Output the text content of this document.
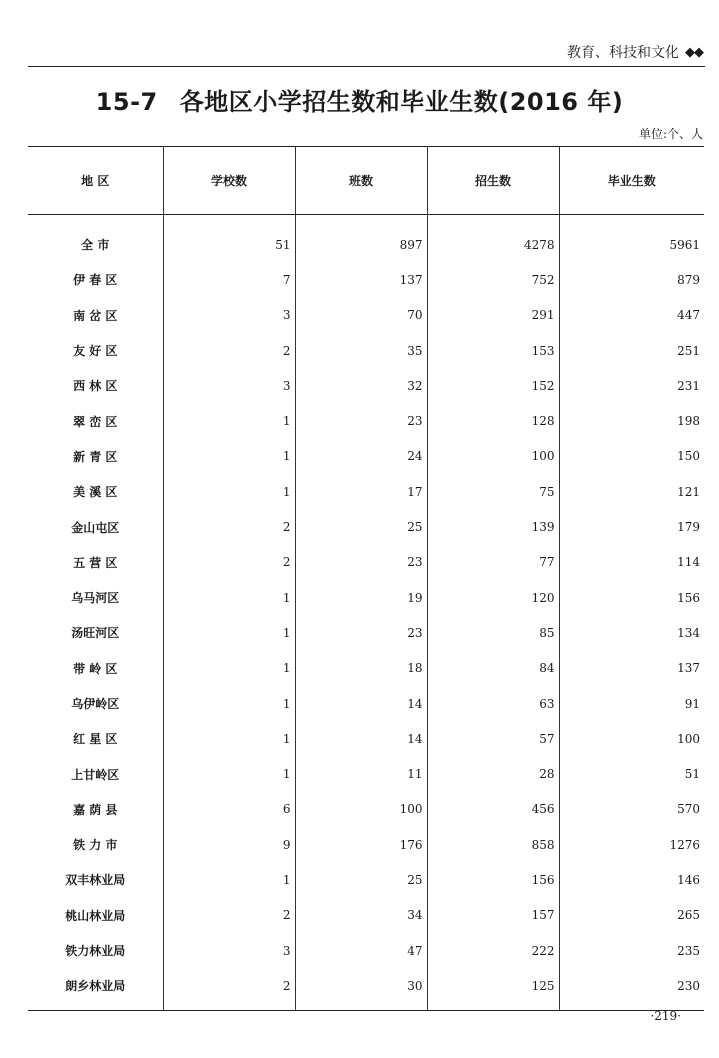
教育、科技和文化 ◆◆
15-7 各地区小学招生数和毕业生数(2016 年)
单位:个、人
地 区	学校数	班数	招生数	毕业生数
全 市	51	897	4278	5961
伊 春 区	7	137	752	879
南 岔 区	3	70	291	447
友 好 区	2	35	153	251
西 林 区	3	32	152	231
翠 峦 区	1	23	128	198
新 青 区	1	24	100	150
美 溪 区	1	17	75	121
金山屯区	2	25	139	179
五 营 区	2	23	77	114
乌马河区	1	19	120	156
汤旺河区	1	23	85	134
带 岭 区	1	18	84	137
乌伊岭区	1	14	63	91
红 星 区	1	14	57	100
上甘岭区	1	11	28	51
嘉 荫 县	6	100	456	570
铁 力 市	9	176	858	1276
双丰林业局	1	25	156	146
桃山林业局	2	34	157	265
铁力林业局	3	47	222	235
朗乡林业局	2	30	125	230
·219·
